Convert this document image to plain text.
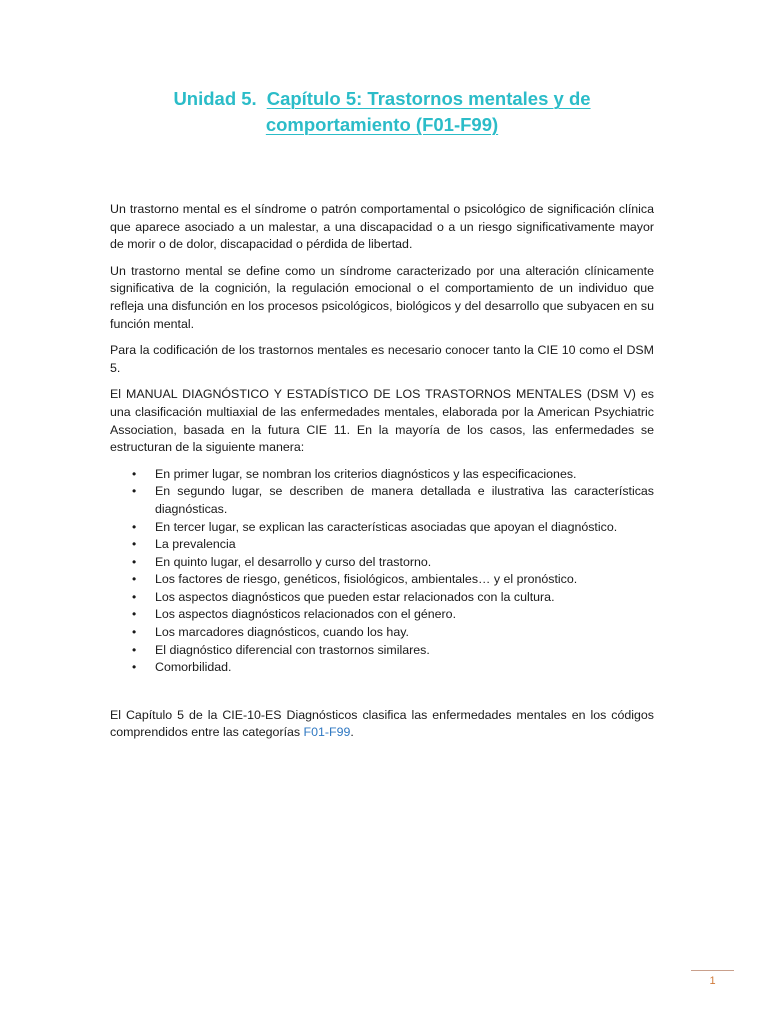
Unidad 5. Capítulo 5: Trastornos mentales y de
comportamiento (F01-F99)

Un trastorno mental es el síndrome o patrón comportamental o psicológico de significación clínica que aparece asociado a un malestar, a una discapacidad o a un riesgo significativamente mayor de morir o de dolor, discapacidad o pérdida de libertad.

Un trastorno mental se define como un síndrome caracterizado por una alteración clínicamente significativa de la cognición, la regulación emocional o el comportamiento de un individuo que refleja una disfunción en los procesos psicológicos, biológicos y del desarrollo que subyacen en su función mental.

Para la codificación de los trastornos mentales es necesario conocer tanto la CIE 10 como el DSM 5.

El MANUAL DIAGNÓSTICO Y ESTADÍSTICO DE LOS TRASTORNOS MENTALES (DSM V) es una clasificación multiaxial de las enfermedades mentales, elaborada por la American Psychiatric Association, basada en la futura CIE 11. En la mayoría de los casos, las enfermedades se estructuran de la siguiente manera:

• En primer lugar, se nombran los criterios diagnósticos y las especificaciones.
• En segundo lugar, se describen de manera detallada e ilustrativa las características diagnósticas.
• En tercer lugar, se explican las características asociadas que apoyan el diagnóstico.
• La prevalencia
• En quinto lugar, el desarrollo y curso del trastorno.
• Los factores de riesgo, genéticos, fisiológicos, ambientales… y el pronóstico.
• Los aspectos diagnósticos que pueden estar relacionados con la cultura.
• Los aspectos diagnósticos relacionados con el género.
• Los marcadores diagnósticos, cuando los hay.
• El diagnóstico diferencial con trastornos similares.
• Comorbilidad.

El Capítulo 5 de la CIE-10-ES Diagnósticos clasifica las enfermedades mentales en los códigos comprendidos entre las categorías F01-F99.

1
